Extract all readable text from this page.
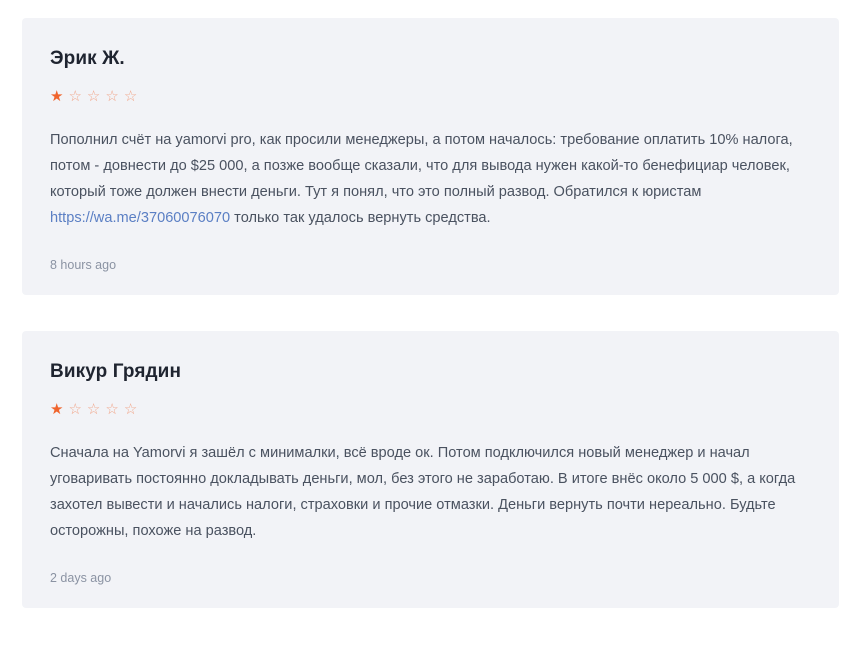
Эрик Ж.
★ ☆ ☆ ☆ ☆

Пополнил счёт на yamorvi pro, как просили менеджеры, а потом началось: требование оплатить 10% налога, потом - довнести до $25 000, а позже вообще сказали, что для вывода нужен какой-то бенефициар человек, который тоже должен внести деньги. Тут я понял, что это полный развод. Обратился к юристам https://wa.me/37060076070 только так удалось вернуть средства.

8 hours ago
Викур Грядин
★ ☆ ☆ ☆ ☆

Сначала на Yamorvi я зашёл с минималки, всё вроде ок. Потом подключился новый менеджер и начал уговаривать постоянно докладывать деньги, мол, без этого не заработаю. В итоге внёс около 5 000 $, а когда захотел вывести и начались налоги, страховки и прочие отмазки. Деньги вернуть почти нереально. Будьте осторожны, похоже на развод.

2 days ago
